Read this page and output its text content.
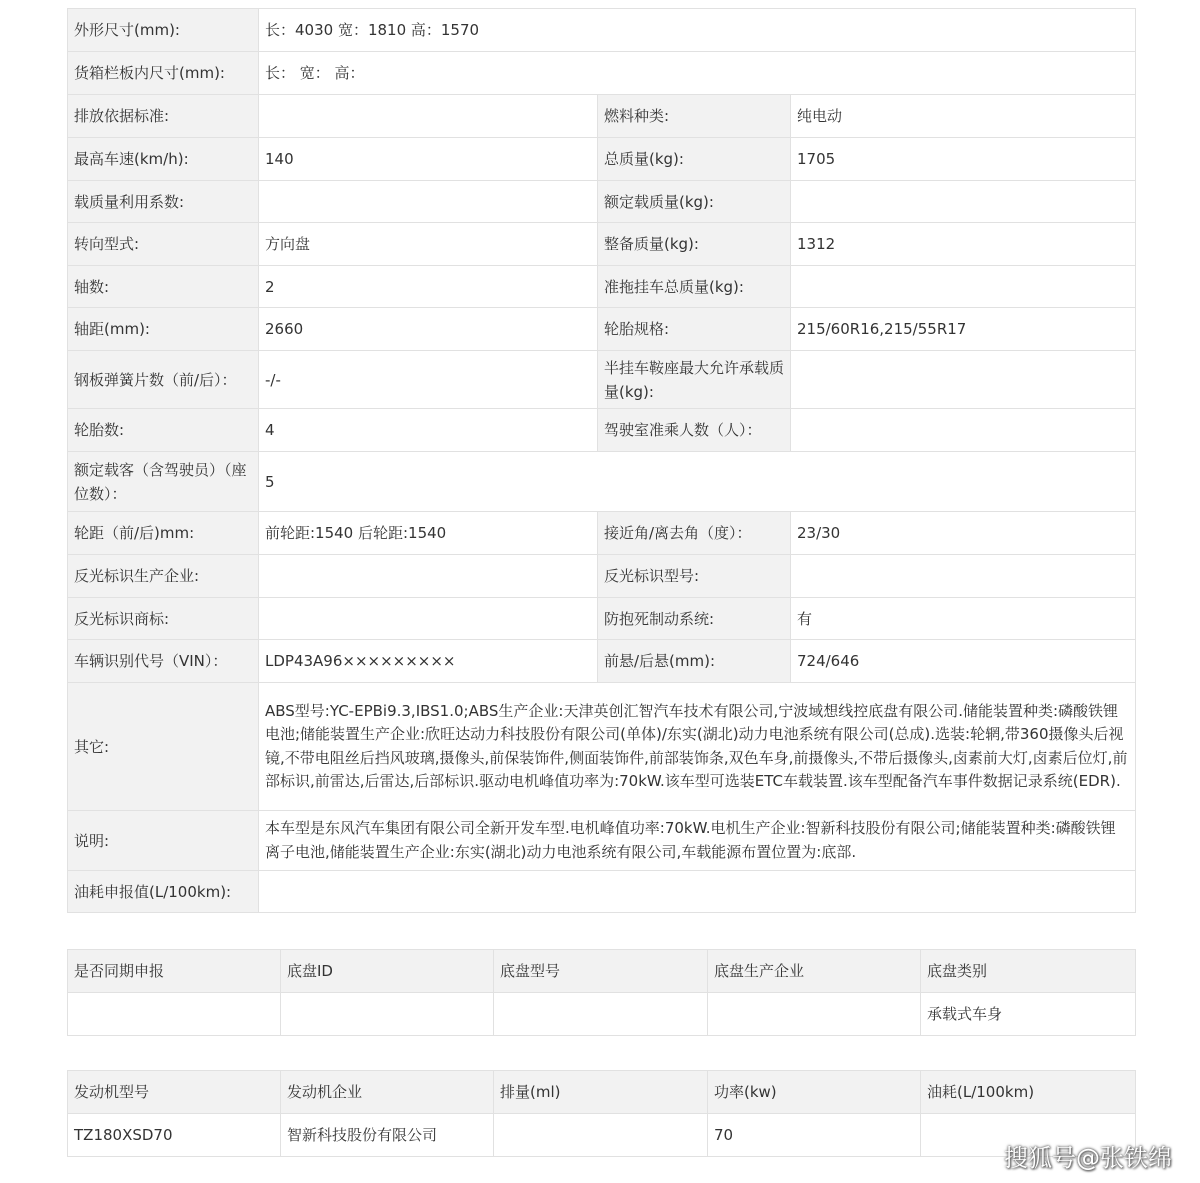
外形尺寸(mm):	长：4030 宽：1810 高：1570		
货箱栏板内尺寸(mm):	长： 宽： 高：		
排放依据标准:		燃料种类:	纯电动
最高车速(km/h):	140	总质量(kg):	1705
载质量利用系数:		额定载质量(kg):	
转向型式:	方向盘	整备质量(kg):	1312
轴数:	2	准拖挂车总质量(kg):	
轴距(mm):	2660	轮胎规格:	215/60R16,215/55R17
钢板弹簧片数（前/后）：	-/-	半挂车鞍座最大允许承载质量(kg):	
轮胎数:	4	驾驶室准乘人数（人）：	
额定载客（含驾驶员）（座位数）：	5		
轮距（前/后)mm:	前轮距:1540 后轮距:1540	接近角/离去角（度）：	23/30
反光标识生产企业:		反光标识型号:	
反光标识商标:		防抱死制动系统:	有
车辆识别代号（VIN）：	LDP43A96×××××××××	前悬/后悬(mm):	724/646
其它:	ABS型号:YC-EPBi9.3,IBS1.0;ABS生产企业:天津英创汇智汽车技术有限公司,宁波域想线控底盘有限公司.储能装置种类:磷酸铁锂电池;储能装置生产企业:欣旺达动力科技股份有限公司(单体)/东实(湖北)动力电池系统有限公司(总成).选装:轮辋,带360摄像头后视镜,不带电阻丝后挡风玻璃,摄像头,前保装饰件,侧面装饰件,前部装饰条,双色车身,前摄像头,不带后摄像头,卤素前大灯,卤素后位灯,前部标识,前雷达,后雷达,后部标识.驱动电机峰值功率为:70kW.该车型可选装ETC车载装置.该车型配备汽车事件数据记录系统(EDR).		
说明:	本车型是东风汽车集团有限公司全新开发车型.电机峰值功率:70kW.电机生产企业:智新科技股份有限公司;储能装置种类:磷酸铁锂离子电池,储能装置生产企业:东实(湖北)动力电池系统有限公司,车载能源布置位置为:底部.		
油耗申报值(L/100km):			
是否同期申报	底盘ID	底盘型号	底盘生产企业	底盘类别
				承载式车身
发动机型号	发动机企业	排量(ml)	功率(kw)	油耗(L/100km)
TZ180XSD70	智新科技股份有限公司		70	
搜狐号@张铁绵
